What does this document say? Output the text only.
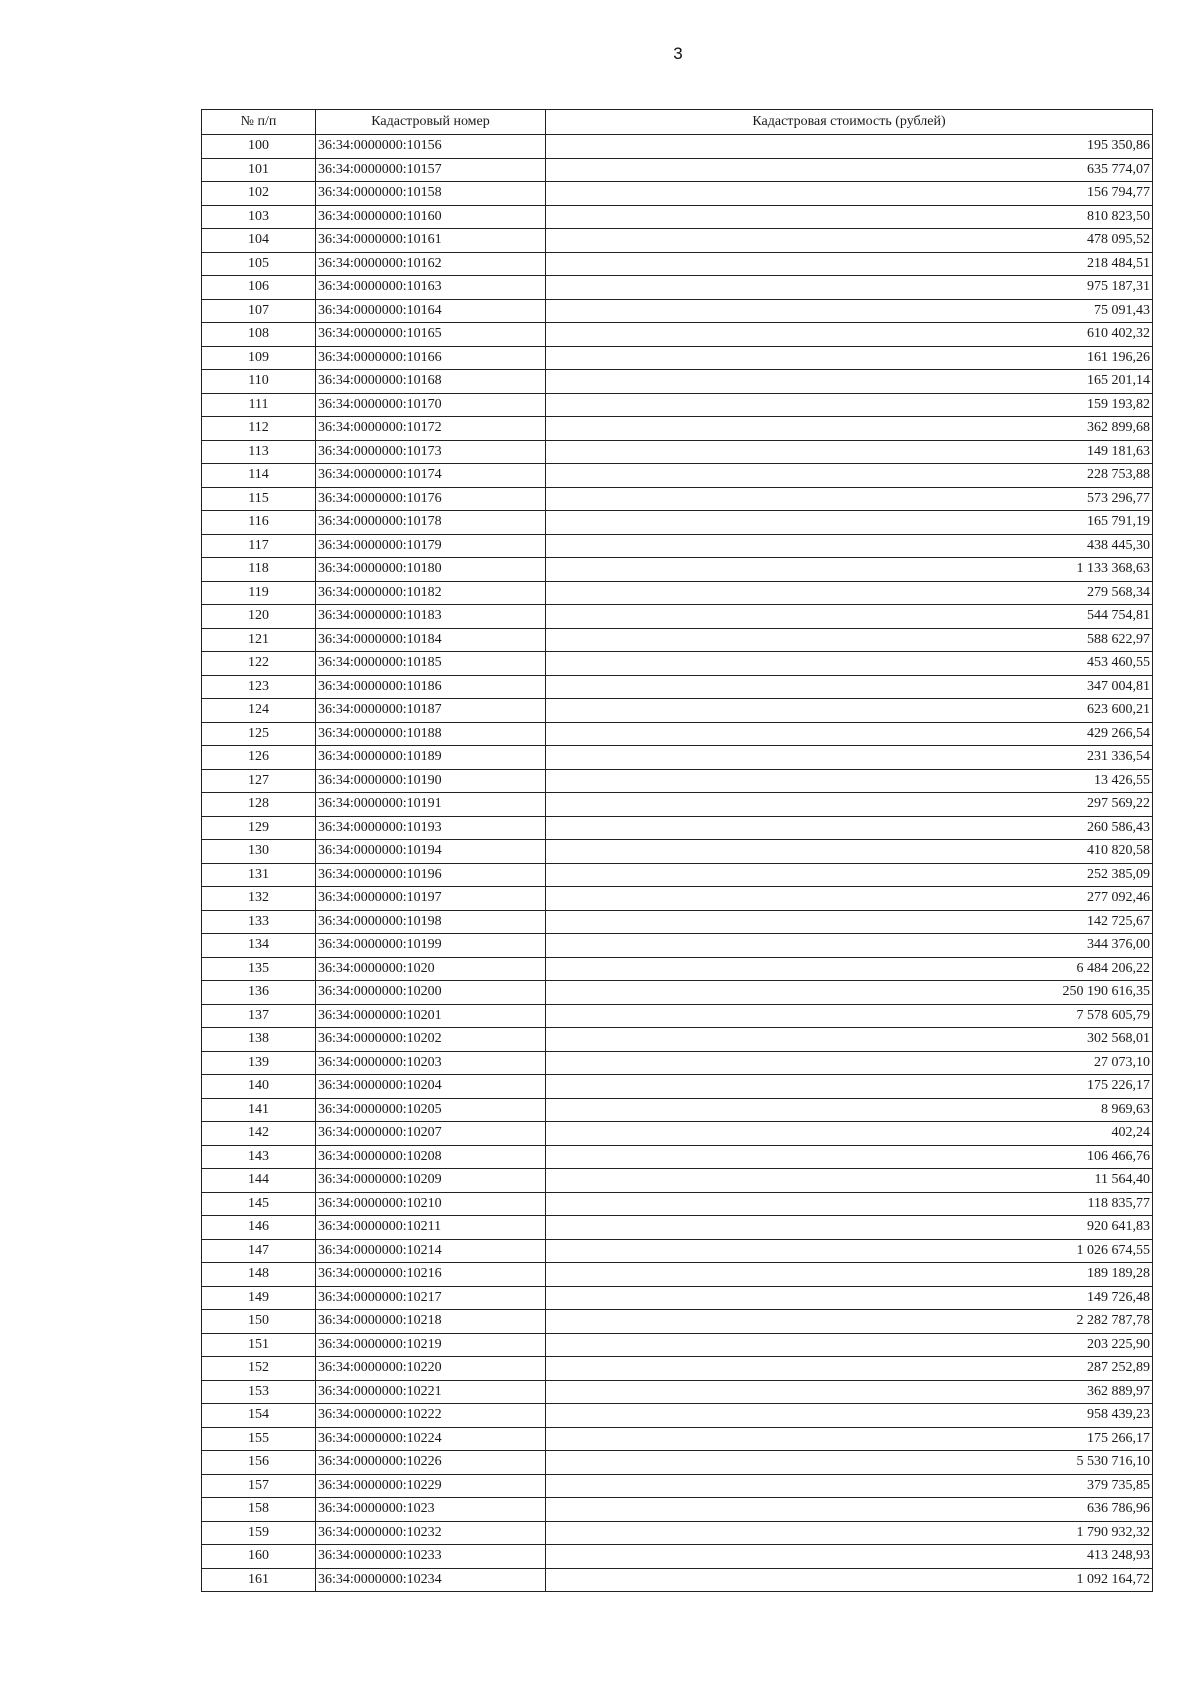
3
№ п/п	Кадастровый номер	Кадастровая стоимость (рублей)
100	36:34:0000000:10156	195 350,86
101	36:34:0000000:10157	635 774,07
102	36:34:0000000:10158	156 794,77
103	36:34:0000000:10160	810 823,50
104	36:34:0000000:10161	478 095,52
105	36:34:0000000:10162	218 484,51
106	36:34:0000000:10163	975 187,31
107	36:34:0000000:10164	75 091,43
108	36:34:0000000:10165	610 402,32
109	36:34:0000000:10166	161 196,26
110	36:34:0000000:10168	165 201,14
111	36:34:0000000:10170	159 193,82
112	36:34:0000000:10172	362 899,68
113	36:34:0000000:10173	149 181,63
114	36:34:0000000:10174	228 753,88
115	36:34:0000000:10176	573 296,77
116	36:34:0000000:10178	165 791,19
117	36:34:0000000:10179	438 445,30
118	36:34:0000000:10180	1 133 368,63
119	36:34:0000000:10182	279 568,34
120	36:34:0000000:10183	544 754,81
121	36:34:0000000:10184	588 622,97
122	36:34:0000000:10185	453 460,55
123	36:34:0000000:10186	347 004,81
124	36:34:0000000:10187	623 600,21
125	36:34:0000000:10188	429 266,54
126	36:34:0000000:10189	231 336,54
127	36:34:0000000:10190	13 426,55
128	36:34:0000000:10191	297 569,22
129	36:34:0000000:10193	260 586,43
130	36:34:0000000:10194	410 820,58
131	36:34:0000000:10196	252 385,09
132	36:34:0000000:10197	277 092,46
133	36:34:0000000:10198	142 725,67
134	36:34:0000000:10199	344 376,00
135	36:34:0000000:1020	6 484 206,22
136	36:34:0000000:10200	250 190 616,35
137	36:34:0000000:10201	7 578 605,79
138	36:34:0000000:10202	302 568,01
139	36:34:0000000:10203	27 073,10
140	36:34:0000000:10204	175 226,17
141	36:34:0000000:10205	8 969,63
142	36:34:0000000:10207	402,24
143	36:34:0000000:10208	106 466,76
144	36:34:0000000:10209	11 564,40
145	36:34:0000000:10210	118 835,77
146	36:34:0000000:10211	920 641,83
147	36:34:0000000:10214	1 026 674,55
148	36:34:0000000:10216	189 189,28
149	36:34:0000000:10217	149 726,48
150	36:34:0000000:10218	2 282 787,78
151	36:34:0000000:10219	203 225,90
152	36:34:0000000:10220	287 252,89
153	36:34:0000000:10221	362 889,97
154	36:34:0000000:10222	958 439,23
155	36:34:0000000:10224	175 266,17
156	36:34:0000000:10226	5 530 716,10
157	36:34:0000000:10229	379 735,85
158	36:34:0000000:1023	636 786,96
159	36:34:0000000:10232	1 790 932,32
160	36:34:0000000:10233	413 248,93
161	36:34:0000000:10234	1 092 164,72
